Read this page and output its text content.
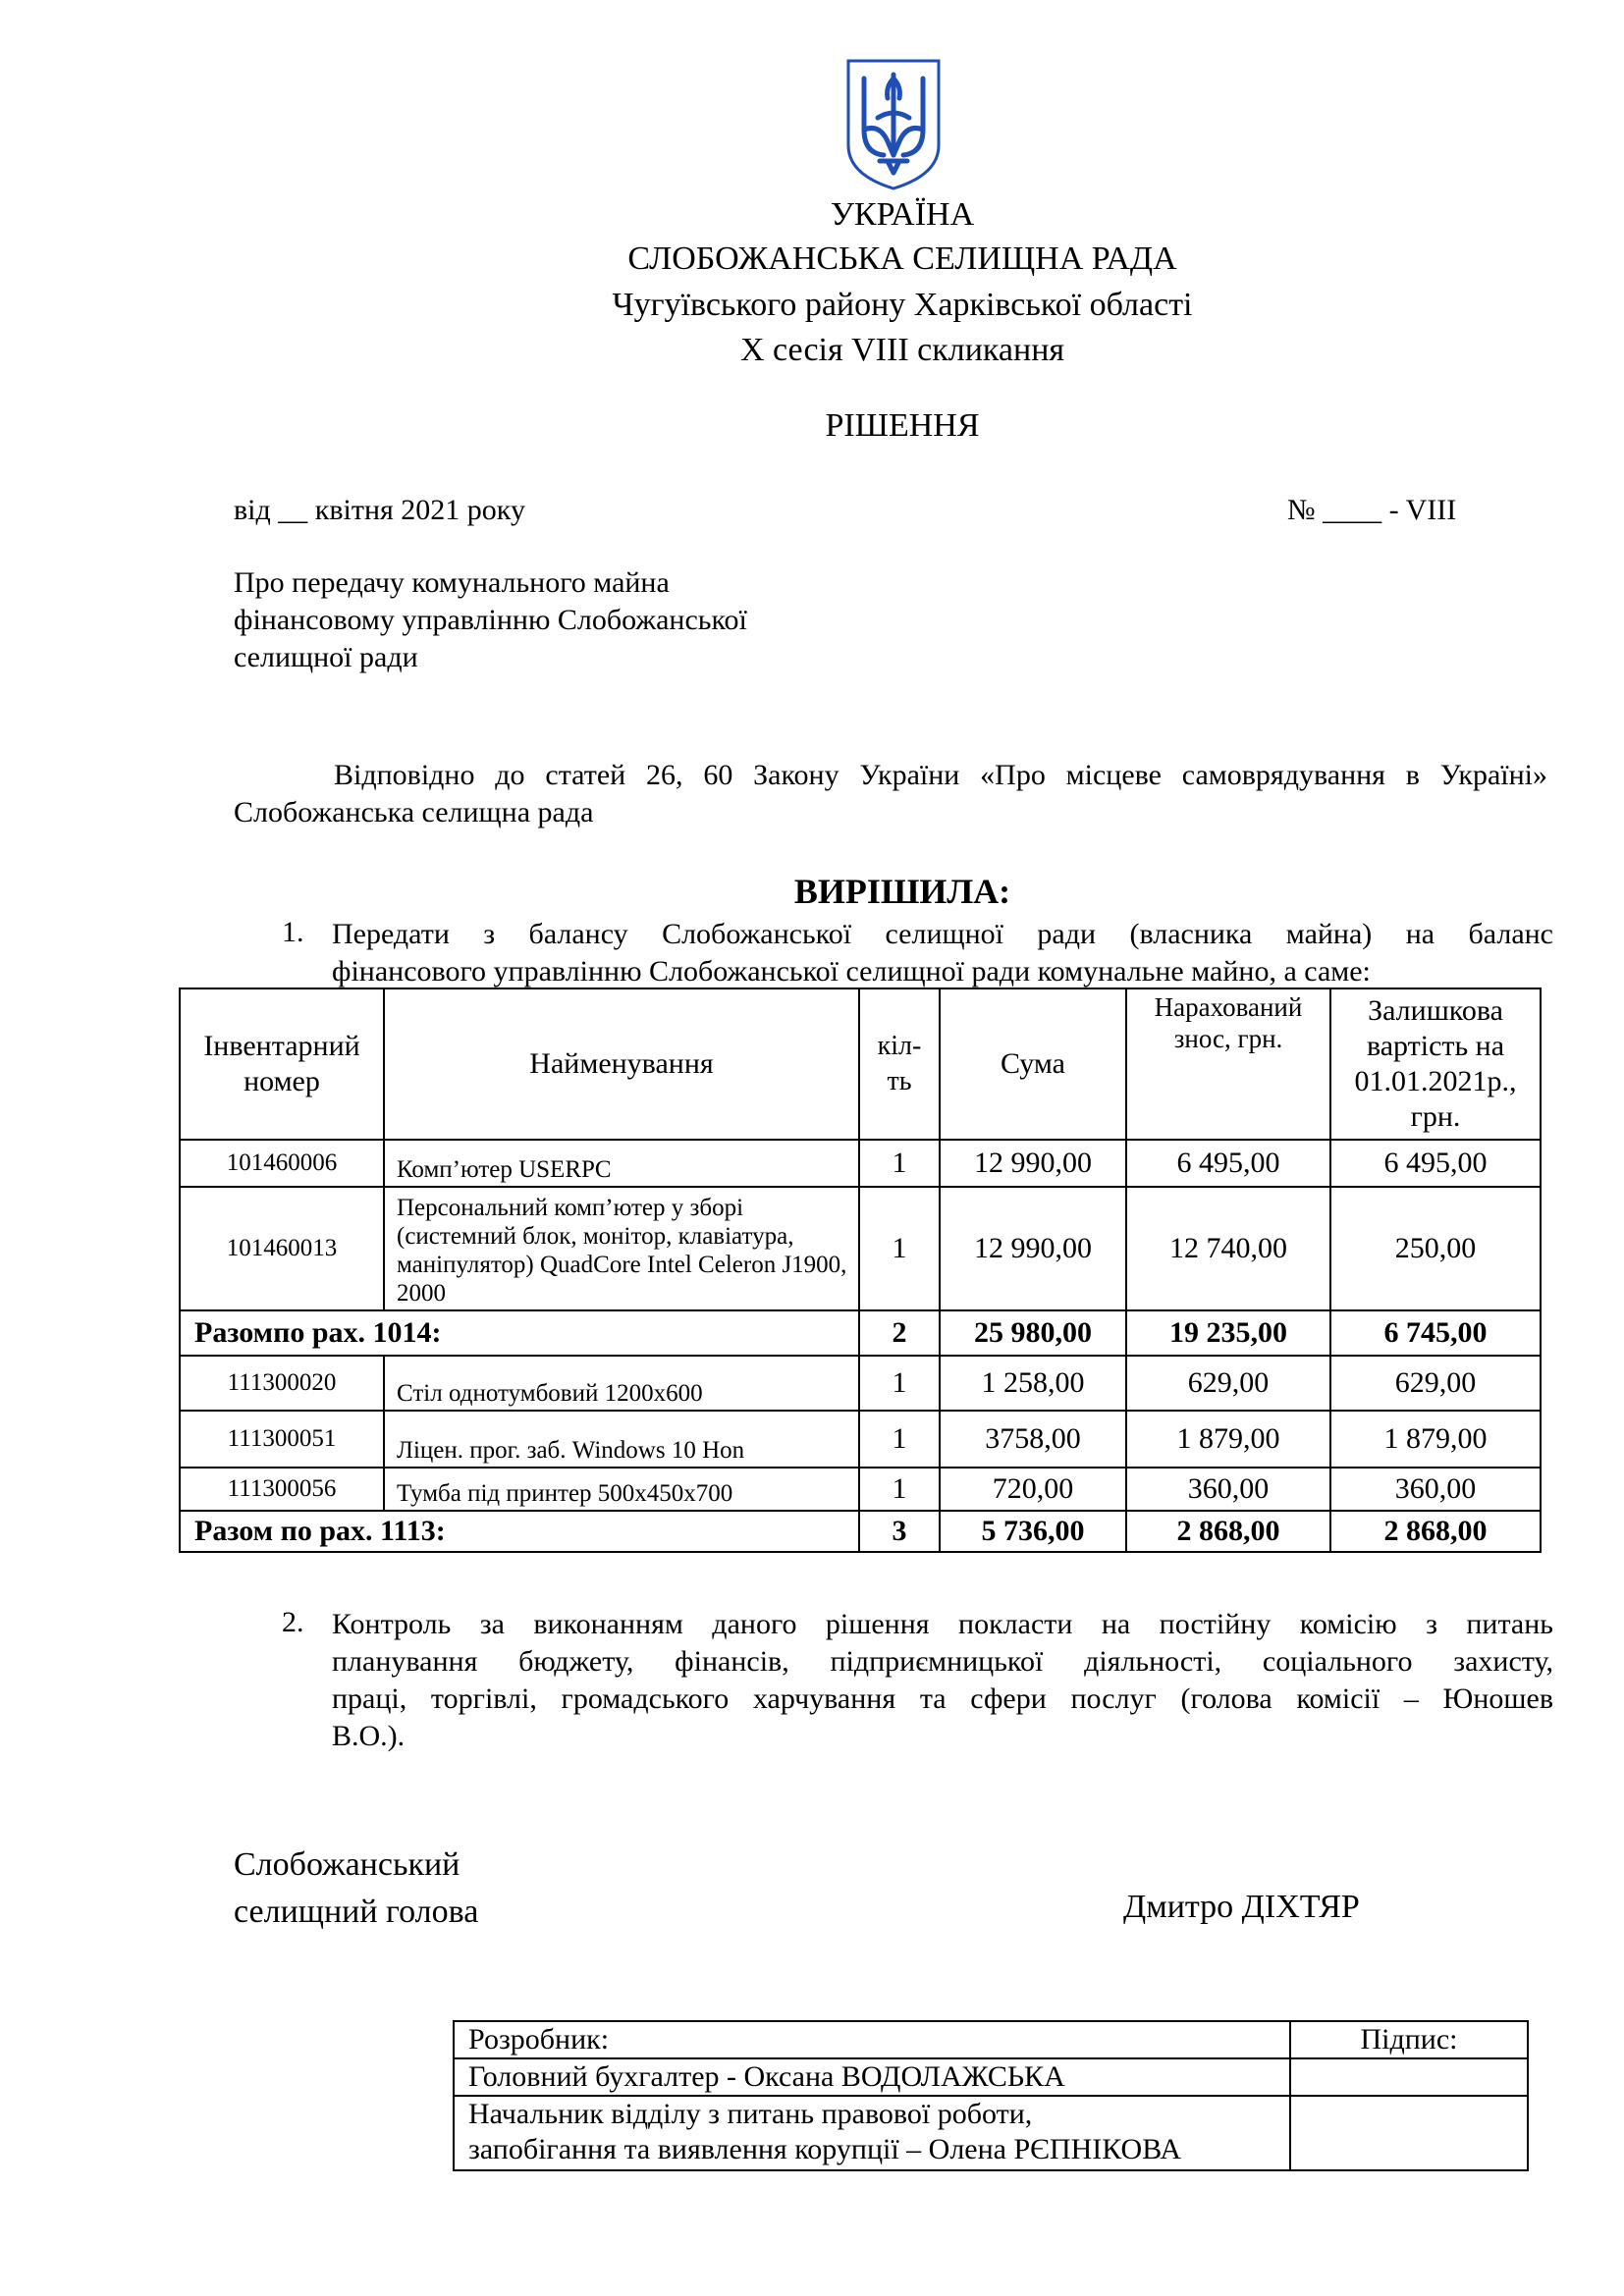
УКРАЇНА
СЛОБОЖАНСЬКА СЕЛИЩНА РАДА
Чугуївського району Харківської області
Х сесія VIII скликання
РІШЕННЯ
від __ квітня 2021 року	№ ____ - VIII
Про передачу комунального майна
фінансовому управлінню Слобожанської
селищної ради
Відповідно до статей 26, 60 Закону України «Про місцеве самоврядування в Україні»
Слобожанська селищна рада
ВИРІШИЛА:
1. Передати з балансу Слобожанської селищної ради (власника майна) на баланс
фінансового управлінню Слобожанської селищної ради комунальне майно, а саме:
Інвентарний номер	Найменування	кіл-ть	Сума	Нарахований знос, грн.	Залишкова вартість на 01.01.2021р., грн.
101460006	Комп’ютер USERPC	1	12 990,00	6 495,00	6 495,00
101460013	Персональний комп’ютер у зборі (системний блок, монітор, клавіатура, маніпулятор) QuadCore Intel Celeron J1900, 2000	1	12 990,00	12 740,00	250,00
Разомпо рах. 1014:		2	25 980,00	19 235,00	6 745,00
111300020	Стіл однотумбовий 1200х600	1	1 258,00	629,00	629,00
111300051	Ліцен. прог. заб. Windows 10 Hon	1	3758,00	1 879,00	1 879,00
111300056	Тумба під принтер 500х450х700	1	720,00	360,00	360,00
Разом по рах. 1113:		3	5 736,00	2 868,00	2 868,00
2. Контроль за виконанням даного рішення покласти на постійну комісію з питань
планування бюджету, фінансів, підприємницької діяльності, соціального захисту,
праці, торгівлі, громадського харчування та сфери послуг (голова комісії – Юношев
В.О.).
Слобожанський
селищний голова	Дмитро ДІХТЯР
Розробник:	Підпис:
Головний бухгалтер - Оксана ВОДОЛАЖСЬКА	

Начальник відділу з питань правової роботи,
запобігання та виявлення корупції – Олена РЄПНІКОВА	
